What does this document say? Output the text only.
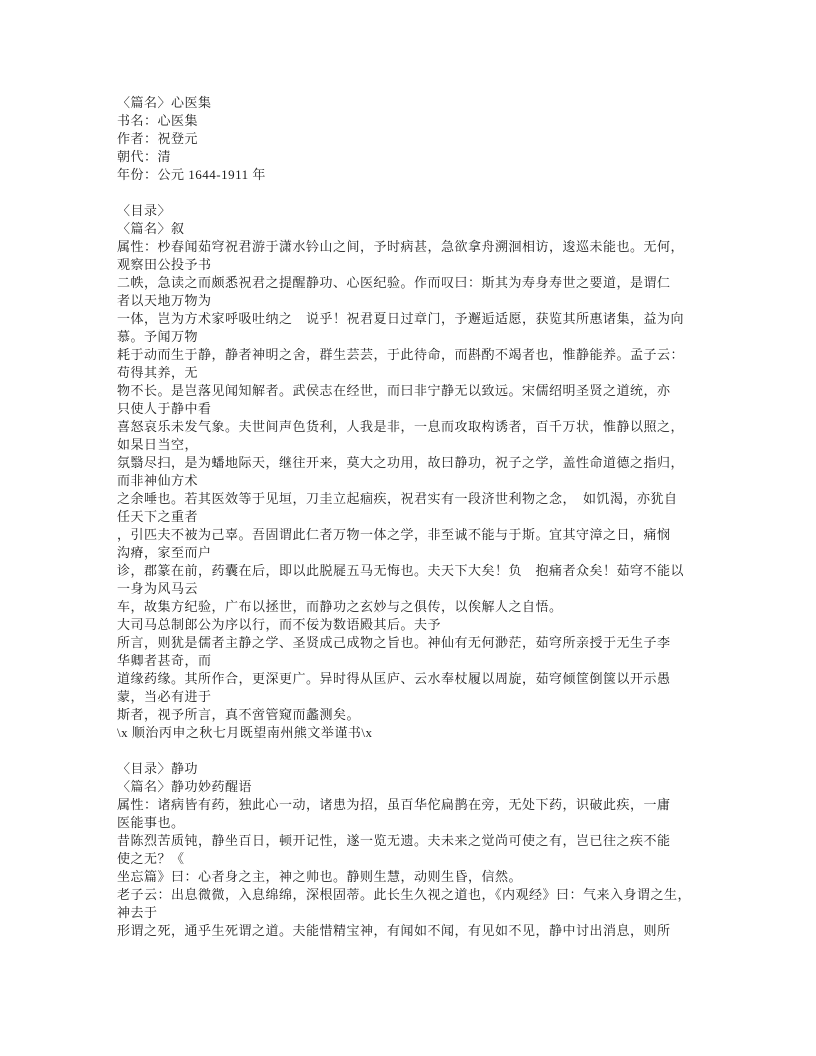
〈篇名〉心医集
书名：心医集
作者：祝登元
朝代：清
年份：公元 1644-1911 年

〈目录〉
〈篇名〉叙
属性：杪春闻茹穹祝君游于潇水钤山之间，予时病甚，急欲拿舟溯洄相访，逡巡未能也。无何，
观察田公投予书
二帙，急读之而颇悉祝君之提醒静功、心医纪验。作而叹曰：斯其为寿身寿世之要道，是谓仁
者以天地万物为
一体，岂为方术家呼吸吐纳之　说乎！祝君夏日过章门，予邂逅适愿，获览其所惠诸集，益为向
慕。予闻万物
耗于动而生于静，静者神明之舍，群生芸芸，于此待命，而斟酌不竭者也，惟静能养。孟子云：
苟得其养，无
物不长。是岂落见闻知解者。武侯志在经世，而曰非宁静无以致远。宋儒绍明圣贤之道统，亦
只使人于静中看
喜怒哀乐未发气象。夫世间声色货利，人我是非，一息而攻取构诱者，百千万状，惟静以照之，
如杲日当空，
氛翳尽扫，是为蟠地际天，继往开来，莫大之功用，故曰静功，祝子之学，盖性命道德之指归，
而非神仙方术
之余唾也。若其医效等于见垣，刀圭立起痼疾，祝君实有一段济世利物之念，　如饥渴，亦犹自
任天下之重者
，引匹夫不被为己辜。吾固谓此仁者万物一体之学，非至诚不能与于斯。宜其守漳之日，痛悯
沟瘠，家至而户
诊，郡篆在前，药囊在后，即以此脱屣五马无悔也。夫天下大矣！负　抱痛者众矣！茹穹不能以
一身为风马云
车，故集方纪验，广布以拯世，而静功之玄妙与之俱传，以俟解人之自悟。
大司马总制郎公为序以行，而不佞为数语殿其后。夫予
所言，则犹是儒者主静之学、圣贤成己成物之旨也。神仙有无何渺茫，茹穹所亲授于无生子李
华卿者甚奇，而
道缘药缘。其所作合，更深更广。异时得从匡庐、云水奉杖履以周旋，茹穹倾筐倒箧以开示愚
蒙，当必有进于
斯者，视予所言，真不啻管窥而蠡测矣。
\x 顺治丙申之秋七月既望南州熊文举谨书\x

〈目录〉静功
〈篇名〉静功妙药醒语
属性：诸病皆有药，独此心一动，诸患为招，虽百华佗扁鹊在旁，无处下药，识破此疾，一庸
医能事也。
昔陈烈苦质钝，静坐百日，顿开记性，遂一览无遗。夫未来之觉尚可使之有，岂已往之疾不能
使之无？《
坐忘篇》曰：心者身之主，神之帅也。静则生慧，动则生昏，信然。
老子云：出息微微，入息绵绵，深根固蒂。此长生久视之道也，《内观经》曰：气来入身谓之生，
神去于
形谓之死，通乎生死谓之道。夫能惜精宝神，有闻如不闻，有见如不见，静中讨出消息，则所
